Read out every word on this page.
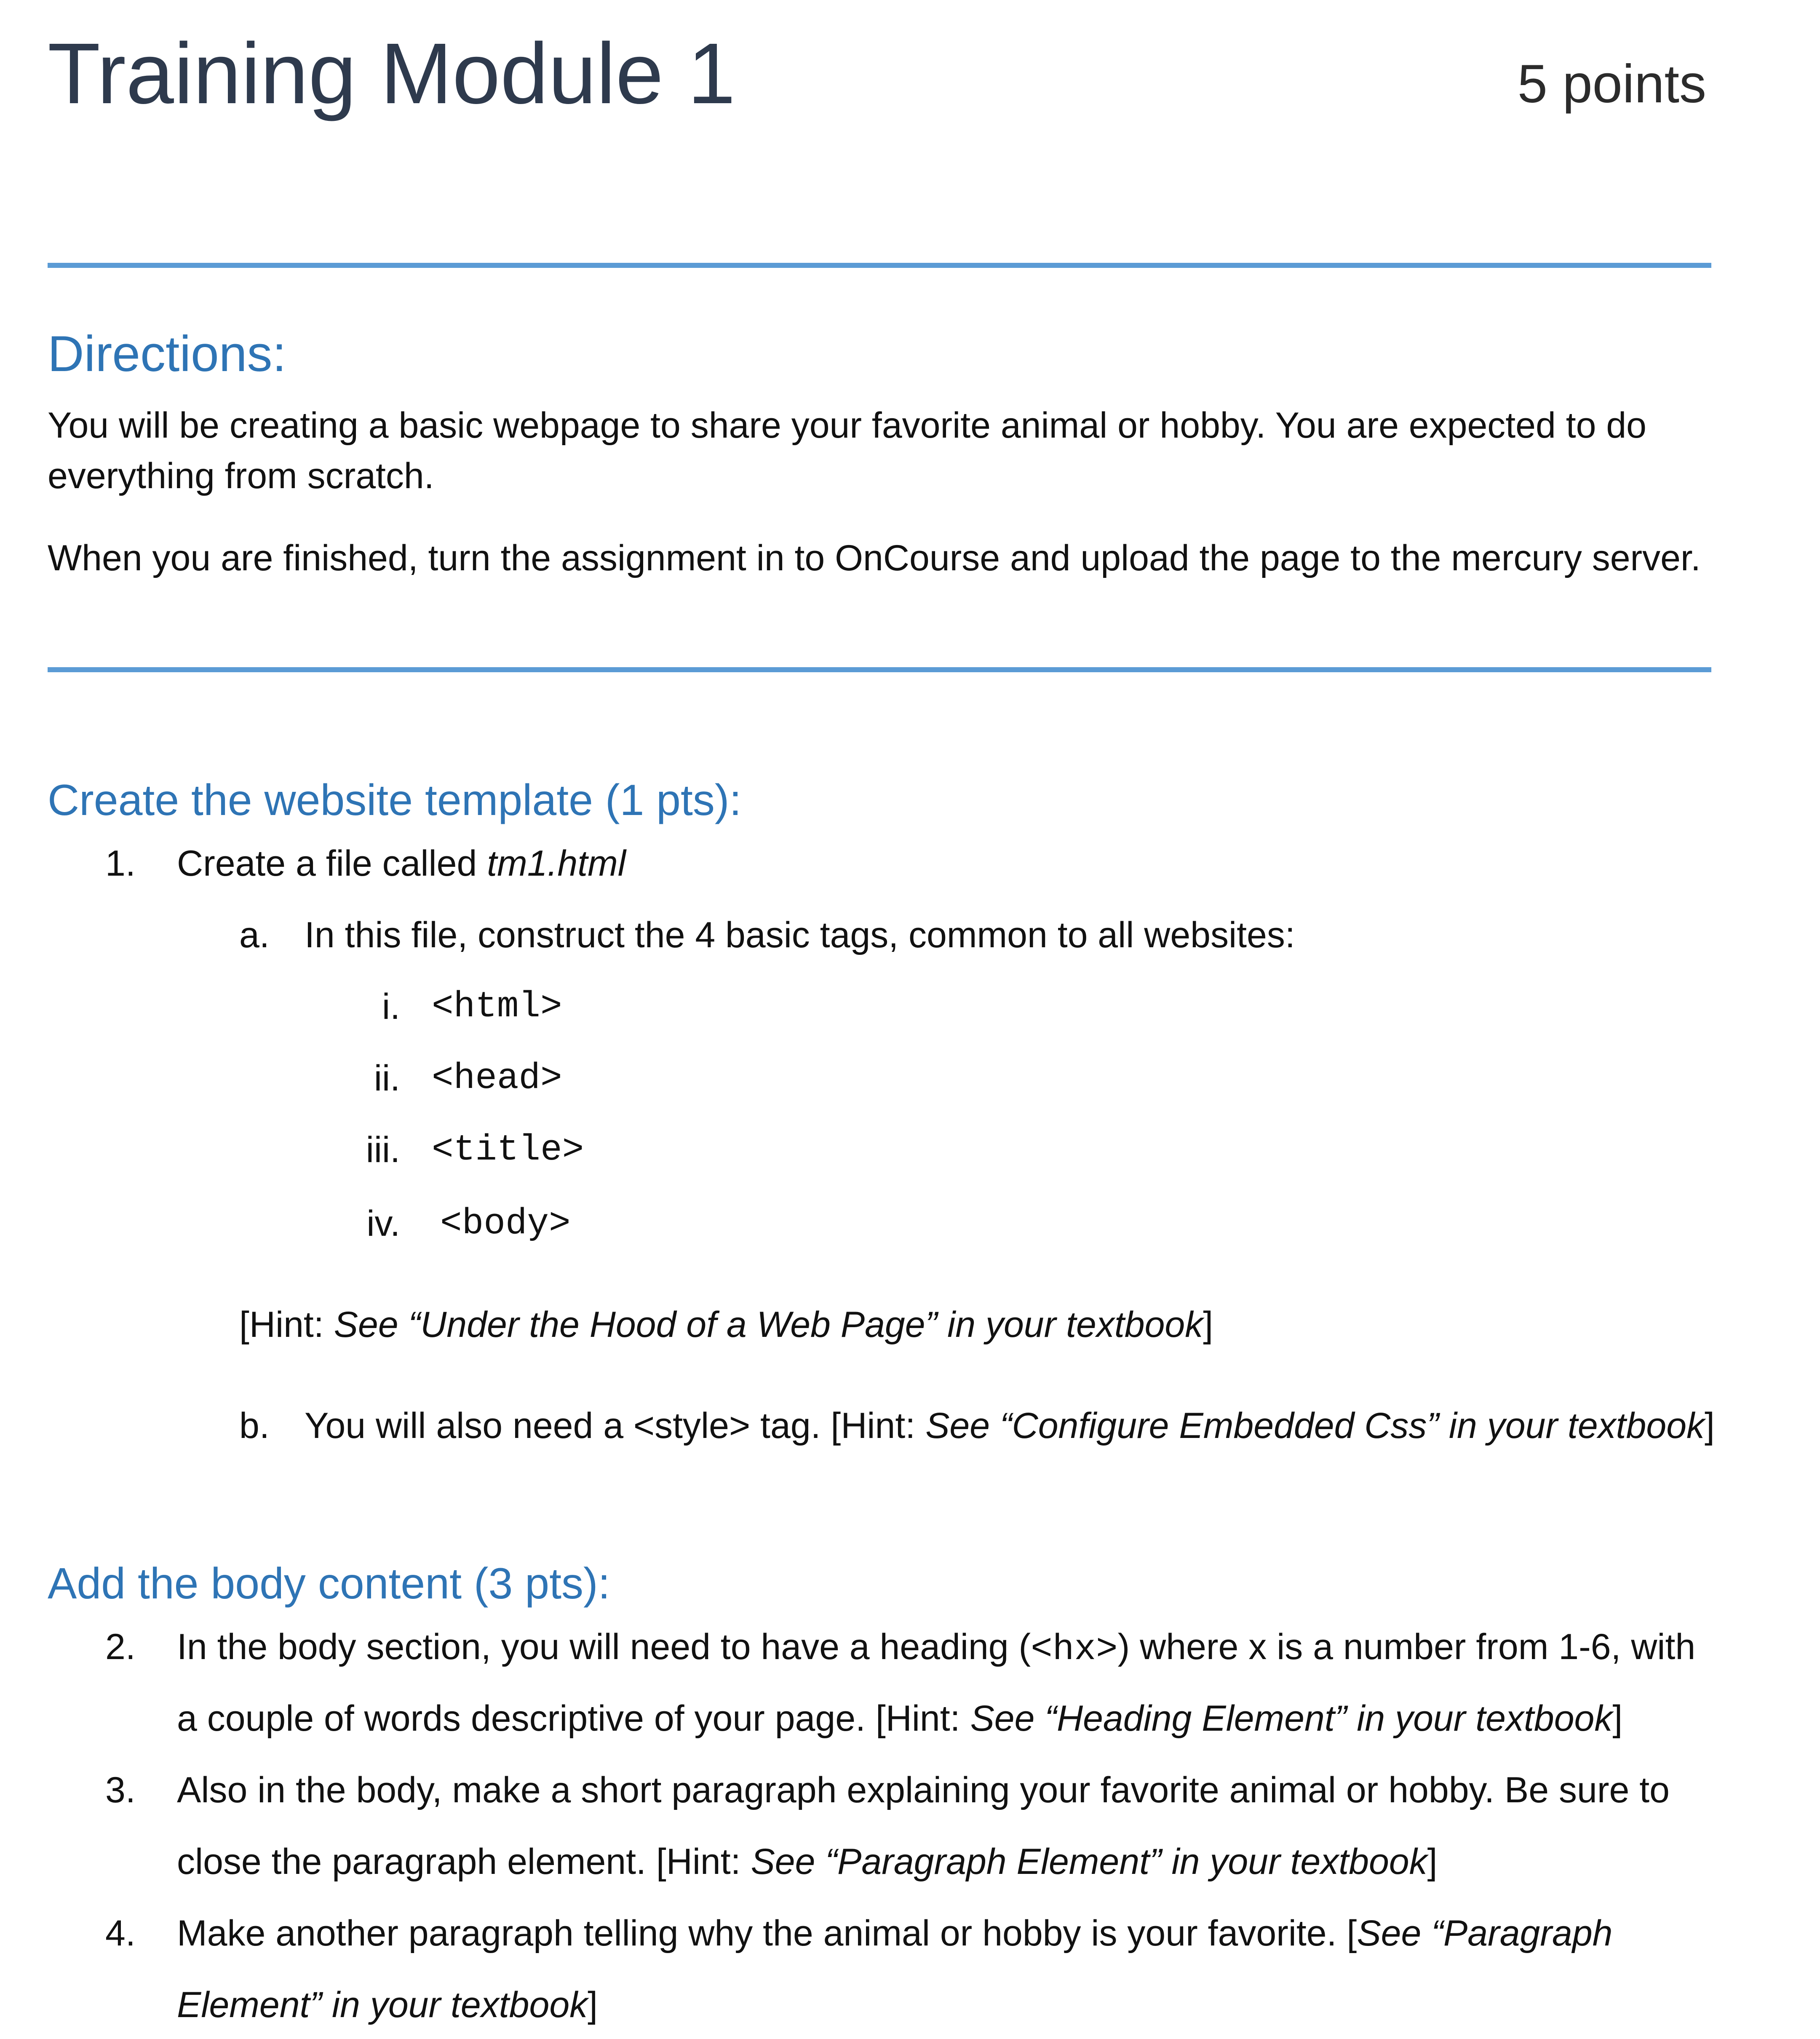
Training Module 1	5 points
Directions:
You will be creating a basic webpage to share your favorite animal or hobby. You are expected to do
everything from scratch.
When you are finished, turn the assignment in to OnCourse and upload the page to the mercury server.
Create the website template (1 pts):
1.	Create a file called tm1.html
a. In this file, construct the 4 basic tags, common to all websites:
i. <html>
ii. <head>
iii. <title>
iv. <body>
[Hint: See “Under the Hood of a Web Page” in your textbook]
b. You will also need a <style> tag. [Hint: See “Configure Embedded Css” in your textbook]
Add the body content (3 pts):
2.	In the body section, you will need to have a heading (<hx>) where x is a number from 1-6, with
a couple of words descriptive of your page. [Hint: See “Heading Element” in your textbook]
3.	Also in the body, make a short paragraph explaining your favorite animal or hobby. Be sure to
close the paragraph element. [Hint: See “Paragraph Element” in your textbook]
4.	Make another paragraph telling why the animal or hobby is your favorite. [See “Paragraph
Element” in your textbook]
